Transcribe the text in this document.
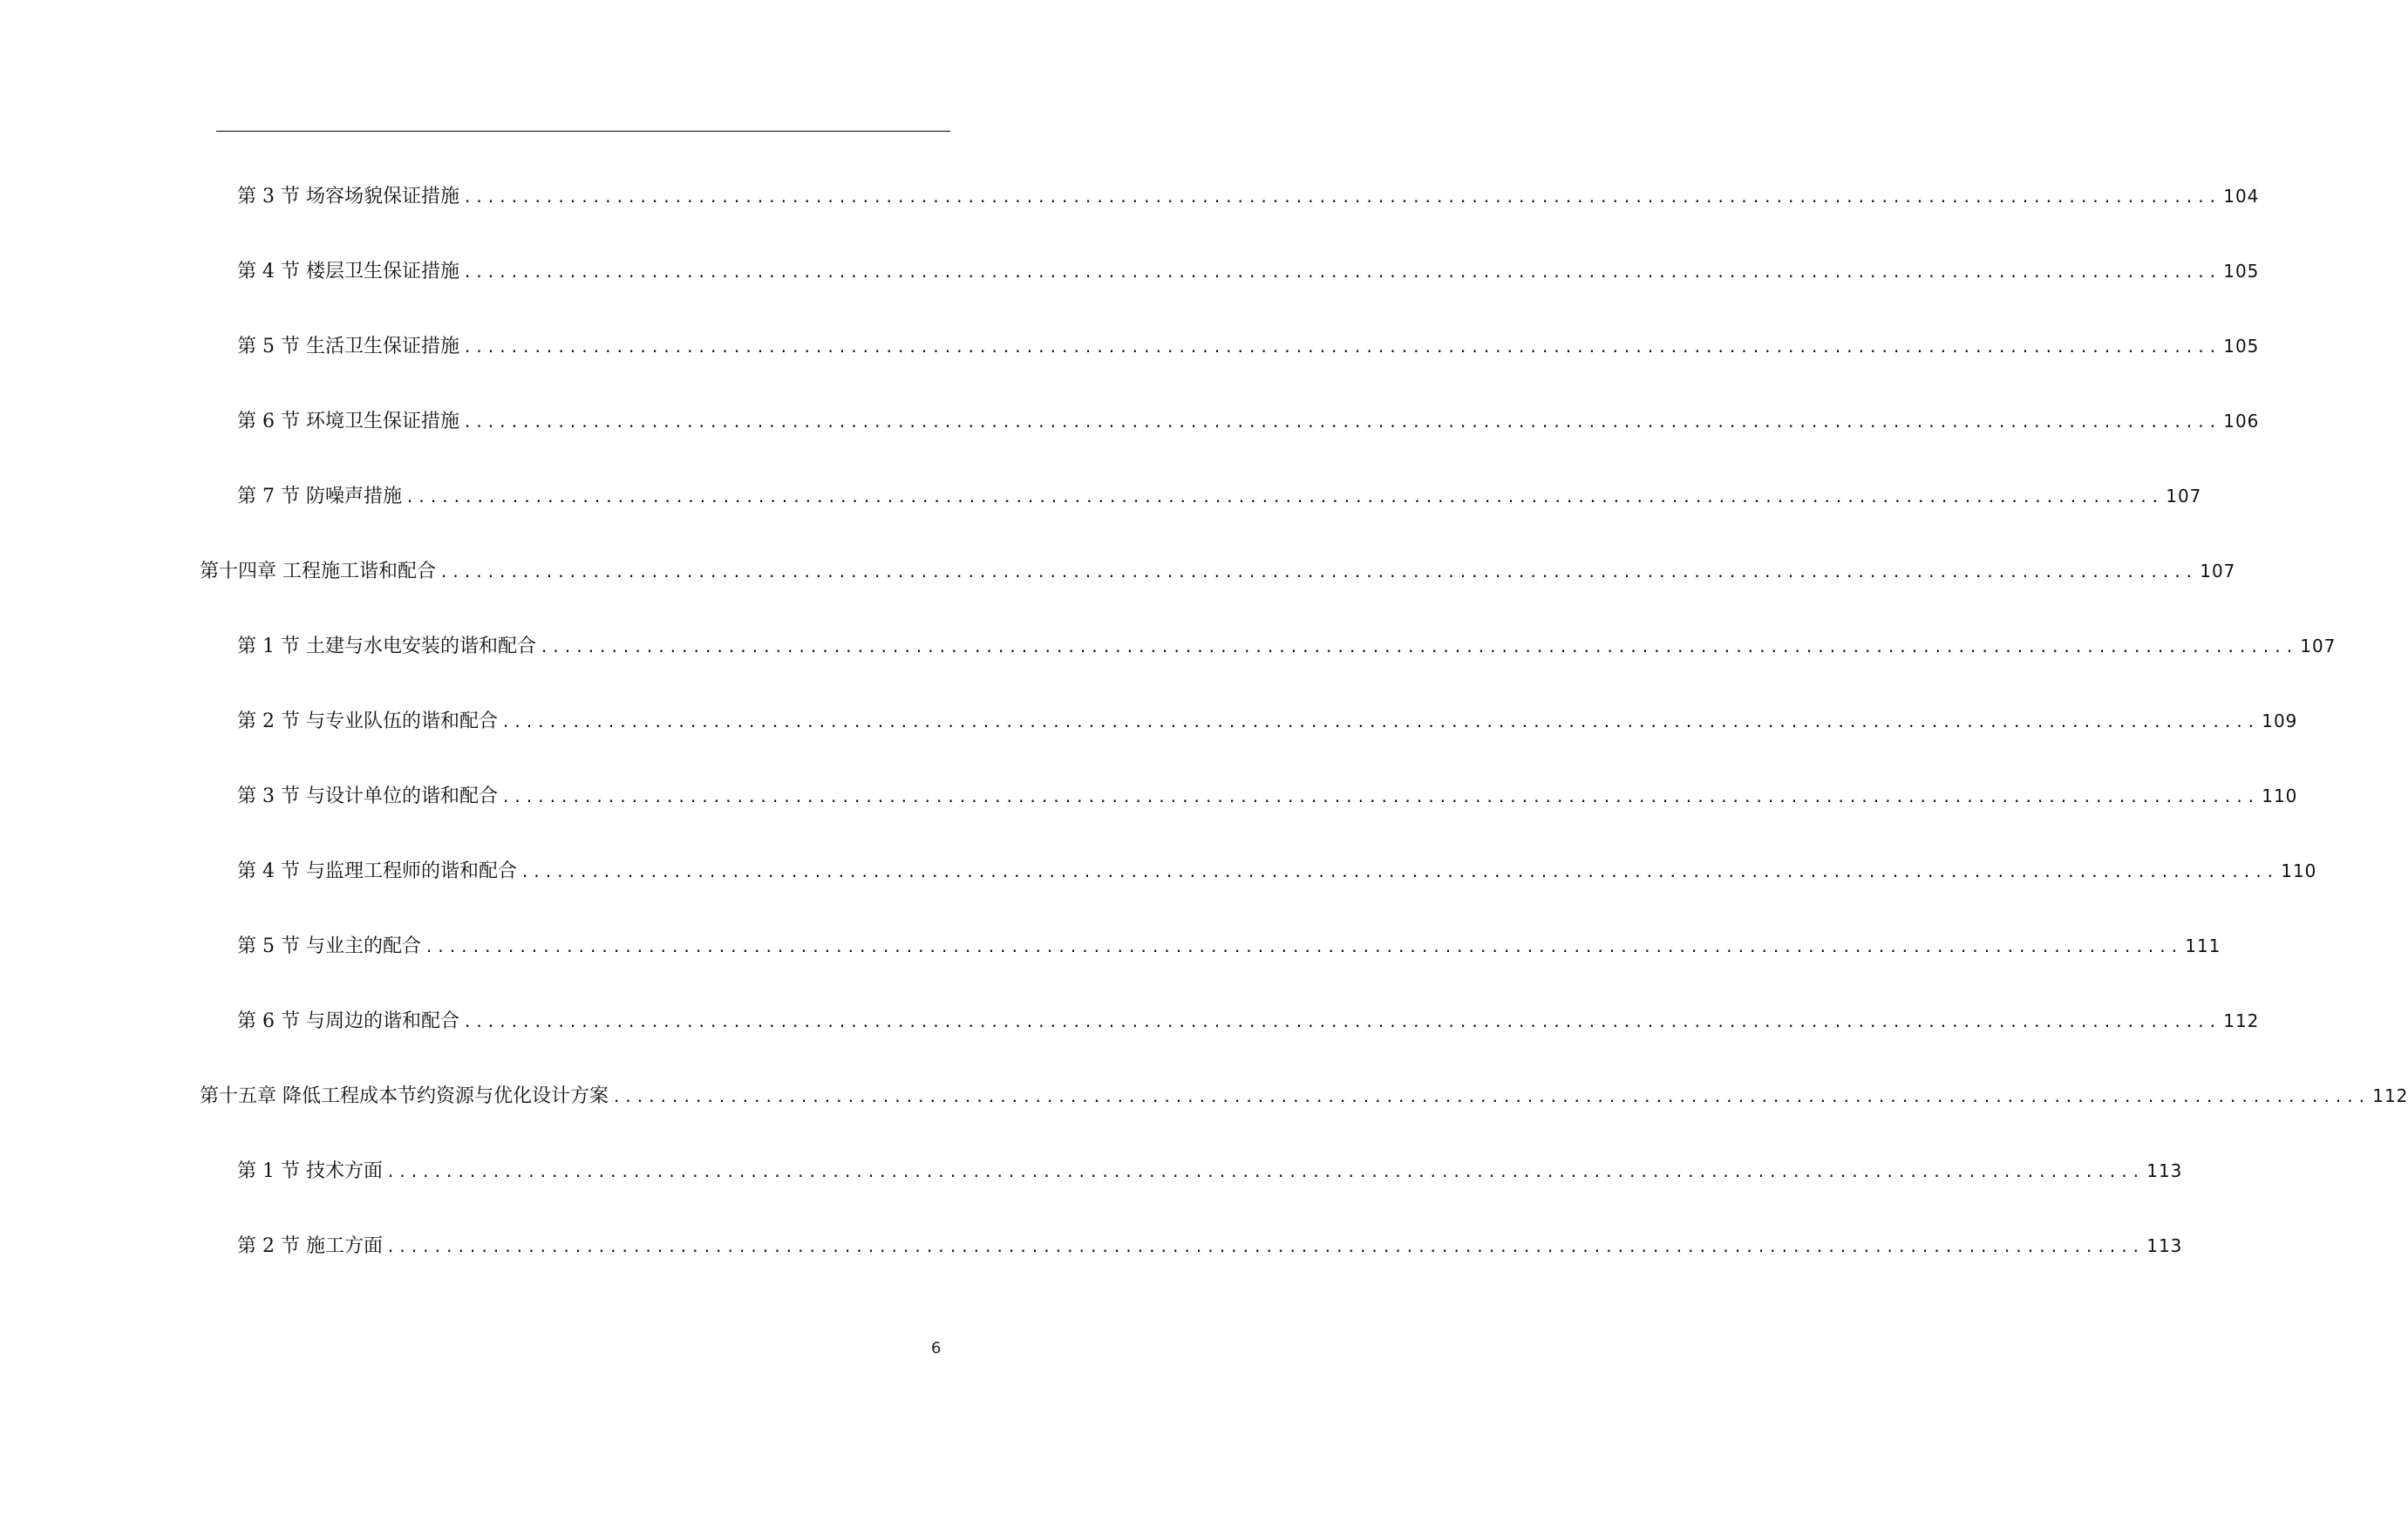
第 3 节 场容场貌保证措施 ...................................................................................................................................................... 104
第 4 节 楼层卫生保证措施 ...................................................................................................................................................... 105
第 5 节 生活卫生保证措施 ...................................................................................................................................................... 105
第 6 节 环境卫生保证措施 ...................................................................................................................................................... 106
第 7 节 防噪声措施 ...................................................................................................................................................... 107
第十四章 工程施工谐和配合 ...................................................................................................................................................... 107
第 1 节 土建与水电安装的谐和配合 ...................................................................................................................................................... 107
第 2 节 与专业队伍的谐和配合 ...................................................................................................................................................... 109
第 3 节 与设计单位的谐和配合 ...................................................................................................................................................... 110
第 4 节 与监理工程师的谐和配合 ...................................................................................................................................................... 110
第 5 节 与业主的配合 ...................................................................................................................................................... 111
第 6 节 与周边的谐和配合 ...................................................................................................................................................... 112
第十五章 降低工程成本节约资源与优化设计方案 ...................................................................................................................................................... 112
第 1 节 技术方面 ...................................................................................................................................................... 113
第 2 节 施工方面 ...................................................................................................................................................... 113
6
